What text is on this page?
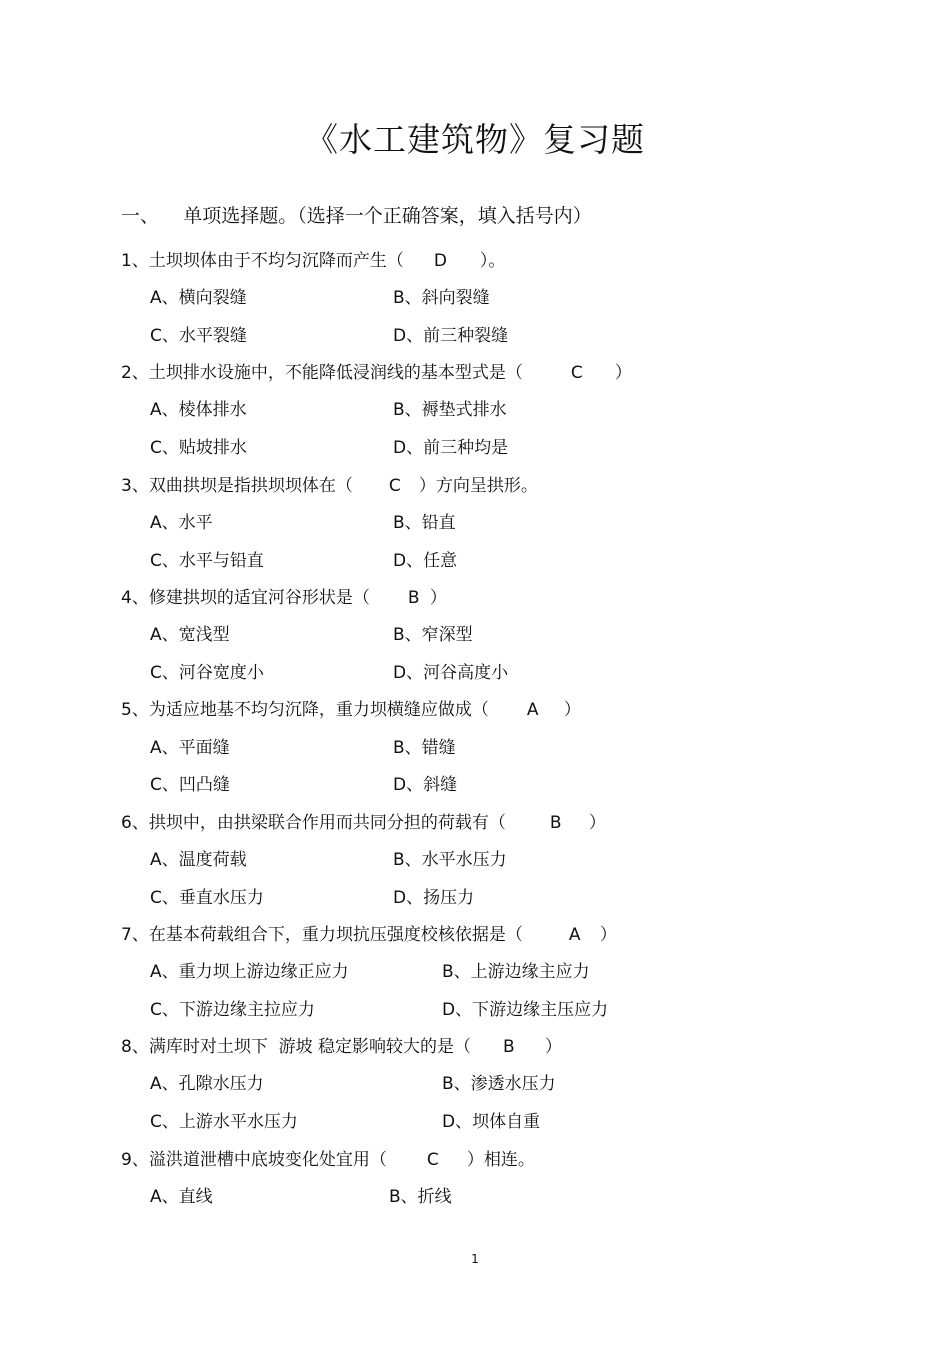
《水工建筑物》复习题
一、 单项选择题。（选择一个正确答案，填入括号内）
1、土坝坝体由于不均匀沉降而产生（ D ）。
A、横向裂缝	B、斜向裂缝
C、水平裂缝	D、前三种裂缝
2、土坝排水设施中，不能降低浸润线的基本型式是（	C ）
A、棱体排水	B、褥垫式排水
C、贴坡排水	D、前三种均是
3、双曲拱坝是指拱坝坝体在（ C ）方向呈拱形。
A、水平	B、铅直
C、水平与铅直	D、任意
4、修建拱坝的适宜河谷形状是（ B ）
A、宽浅型	B、窄深型
C、河谷宽度小	D、河谷高度小
5、为适应地基不均匀沉降，重力坝横缝应做成（ A ）
A、平面缝	B、错缝
C、凹凸缝	D、斜缝
6、拱坝中，由拱梁联合作用而共同分担的荷载有（	B ）
A、温度荷载	B、水平水压力
C、垂直水压力	D、扬压力
7、在基本荷载组合下，重力坝抗压强度校核依据是（	A ）
A、重力坝上游边缘正应力	B、上游边缘主应力
C、下游边缘主拉应力	D、下游边缘主压应力
8、满库时对土坝下  游坡 稳定影响较大的是（ B ）
A、孔隙水压力	B、渗透水压力
C、上游水平水压力	D、坝体自重
9、溢洪道泄槽中底坡变化处宜用（ C ）相连。
A、直线	B、折线
1
